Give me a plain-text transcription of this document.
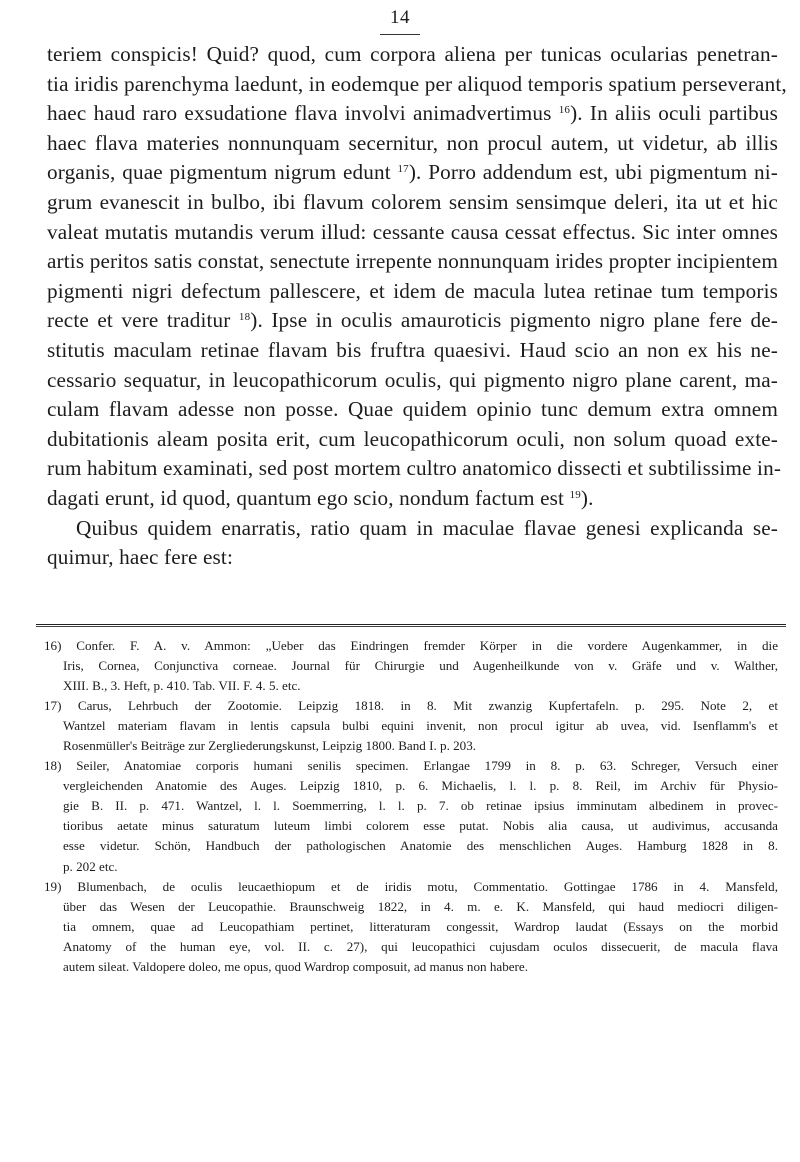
14
teriem conspicis! Quid? quod, cum corpora aliena per tunicas ocularias penetran-
tia iridis parenchyma laedunt, in eodemque per aliquod temporis spatium perseverant,
haec haud raro exsudatione flava involvi animadvertimus $^{16}$). In aliis oculi partibus
haec flava materies nonnunquam secernitur, non procul autem, ut videtur, ab illis
organis, quae pigmentum nigrum edunt $^{17}$). Porro addendum est, ubi pigmentum ni-
grum evanescit in bulbo, ibi flavum colorem sensim sensimque deleri, ita ut et hic
valeat mutatis mutandis verum illud: cessante causa cessat effectus. Sic inter omnes
artis peritos satis constat, senectute irrepente nonnunquam irides propter incipientem
pigmenti nigri defectum pallescere, et idem de macula lutea retinae tum temporis
recte et vere traditur $^{18}$). Ipse in oculis amauroticis pigmento nigro plane fere de-
stitutis maculam retinae flavam bis fruftra quaesivi. Haud scio an non ex his ne-
cessario sequatur, in leucopathicorum oculis, qui pigmento nigro plane carent, ma-
culam flavam adesse non posse. Quae quidem opinio tunc demum extra omnem
dubitationis aleam posita erit, cum leucopathicorum oculi, non solum quoad exte-
rum habitum examinati, sed post mortem cultro anatomico dissecti et subtilissime in-
dagati erunt, id quod, quantum ego scio, nondum factum est $^{19}$).
Quibus quidem enarratis, ratio quam in maculae flavae genesi explicanda se-
quimur, haec fere est:
16) Confer. F. A. v. Ammon: „Ueber das Eindringen fremder Körper in die vordere Augenkammer, in die
Iris, Cornea, Conjunctiva corneae. Journal für Chirurgie und Augenheilkunde von v. Gräfe und v. Walther,
XIII. B., 3. Heft, p. 410. Tab. VII. F. 4. 5. etc.
17) Carus, Lehrbuch der Zootomie. Leipzig 1818. in 8. Mit zwanzig Kupfertafeln. p. 295. Note 2, et
Wantzel materiam flavam in lentis capsula bulbi equini invenit, non procul igitur ab uvea, vid. Isenflamm's et
Rosenmüller's Beiträge zur Zergliederungskunst, Leipzig 1800. Band I. p. 203.
18) Seiler, Anatomiae corporis humani senilis specimen. Erlangae 1799 in 8. p. 63. Schreger, Versuch einer
vergleichenden Anatomie des Auges. Leipzig 1810, p. 6. Michaelis, l. l. p. 8. Reil, im Archiv für Physio-
gie B. II. p. 471. Wantzel, l. l. Soemmerring, l. l. p. 7. ob retinae ipsius imminutam albedinem in provec-
tioribus aetate minus saturatum luteum limbi colorem esse putat. Nobis alia causa, ut audivimus, accusanda
esse videtur. Schön, Handbuch der pathologischen Anatomie des menschlichen Auges. Hamburg 1828 in 8.
p. 202 etc.
19) Blumenbach, de oculis leucaethiopum et de iridis motu, Commentatio. Gottingae 1786 in 4. Mansfeld,
über das Wesen der Leucopathie. Braunschweig 1822, in 4. m. e. K. Mansfeld, qui haud mediocri diligen-
tia omnem, quae ad Leucopathiam pertinet, litteraturam congessit, Wardrop laudat (Essays on the morbid
Anatomy of the human eye, vol. II. c. 27), qui leucopathici cujusdam oculos dissecuerit, de macula flava
autem sileat. Valdopere doleo, me opus, quod Wardrop composuit, ad manus non habere.
